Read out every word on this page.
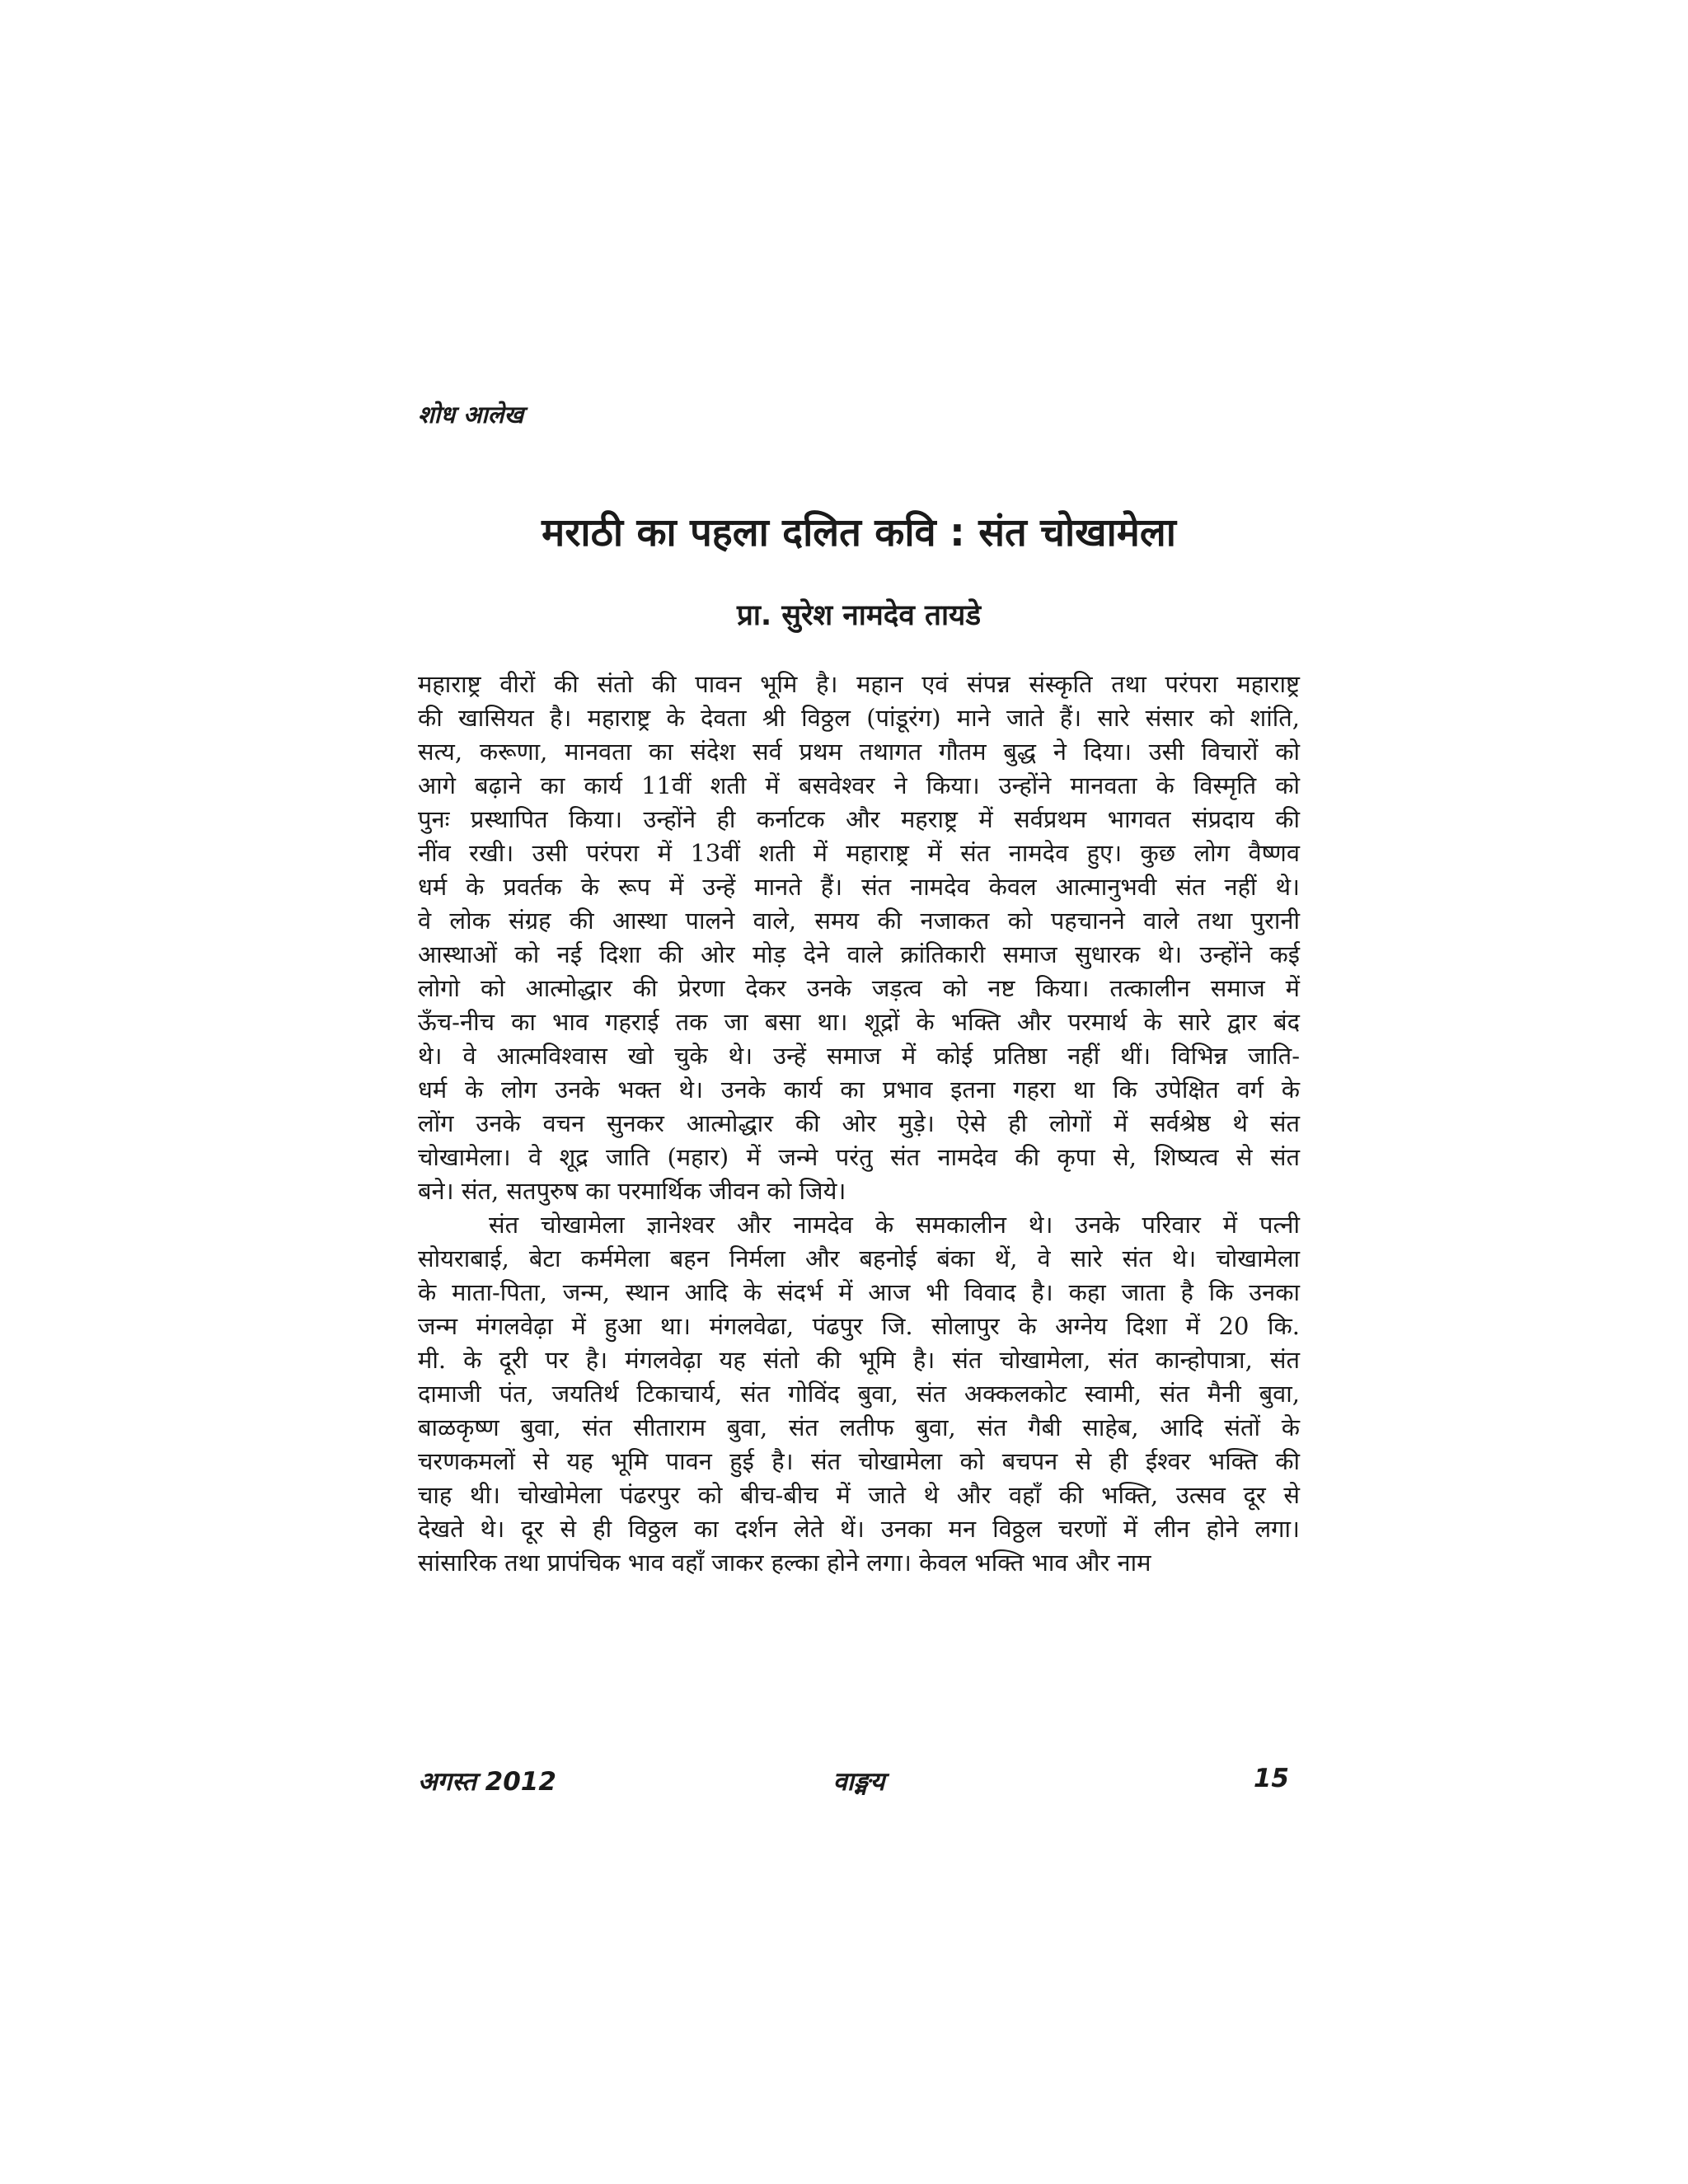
शोध आलेख
मराठी का पहला दलित कवि : संत चोखामेला
प्रा. सुरेश नामदेव तायडे

महाराष्ट्र वीरों की संतो की पावन भूमि है। महान एवं संपन्न संस्कृति तथा परंपरा महाराष्ट्र
की खासियत है। महाराष्ट्र के देवता श्री विठ्ठल (पांडूरंग) माने जाते हैं। सारे संसार को शांति,
सत्य, करूणा, मानवता का संदेश सर्व प्रथम तथागत गौतम बुद्ध ने दिया। उसी विचारों को
आगे बढ़ाने का कार्य 11वीं शती में बसवेश्वर ने किया। उन्होंने मानवता के विस्मृति को
पुनः प्रस्थापित किया। उन्होंने ही कर्नाटक और महराष्ट्र में सर्वप्रथम भागवत संप्रदाय की
नींव रखी। उसी परंपरा में 13वीं शती में महाराष्ट्र में संत नामदेव हुए। कुछ लोग वैष्णव
धर्म के प्रवर्तक के रूप में उन्हें मानते हैं। संत नामदेव केवल आत्मानुभवी संत नहीं थे।
वे लोक संग्रह की आस्था पालने वाले, समय की नजाकत को पहचानने वाले तथा पुरानी
आस्थाओं को नई दिशा की ओर मोड़ देने वाले क्रांतिकारी समाज सुधारक थे। उन्होंने कई
लोगो को आत्मोद्धार की प्रेरणा देकर उनके जड़त्व को नष्ट किया। तत्कालीन समाज में
ऊँच-नीच का भाव गहराई तक जा बसा था। शूद्रों के भक्ति और परमार्थ के सारे द्वार बंद
थे। वे आत्मविश्वास खो चुके थे। उन्हें समाज में कोई प्रतिष्ठा नहीं थीं। विभिन्न जाति-
धर्म के लोग उनके भक्त थे। उनके कार्य का प्रभाव इतना गहरा था कि उपेक्षित वर्ग के
लोंग उनके वचन सुनकर आत्मोद्धार की ओर मुड़े। ऐसे ही लोगों में सर्वश्रेष्ठ थे संत
चोखामेला। वे शूद्र जाति (महार) में जन्मे परंतु संत नामदेव की कृपा से, शिष्यत्व से संत
बने। संत, सतपुरुष का परमार्थिक जीवन को जिये।

संत चोखामेला ज्ञानेश्वर और नामदेव के समकालीन थे। उनके परिवार में पत्नी
सोयराबाई, बेटा कर्ममेला बहन निर्मला और बहनोई बंका थें, वे सारे संत थे। चोखामेला
के माता-पिता, जन्म, स्थान आदि के संदर्भ में आज भी विवाद है। कहा जाता है कि उनका
जन्म मंगलवेढ़ा में हुआ था। मंगलवेढा, पंढपुर जि. सोलापुर के अग्नेय दिशा में 20 कि.
मी. के दूरी पर है। मंगलवेढ़ा यह संतो की भूमि है। संत चोखामेला, संत कान्होपात्रा, संत
दामाजी पंत, जयतिर्थ टिकाचार्य, संत गोविंद बुवा, संत अक्कलकोट स्वामी, संत मैनी बुवा,
बाळकृष्ण बुवा, संत सीताराम बुवा, संत लतीफ बुवा, संत गैबी साहेब, आदि संतों के
चरणकमलों से यह भूमि पावन हुई है। संत चोखामेला को बचपन से ही ईश्वर भक्ति की
चाह थी। चोखोमेला पंढरपुर को बीच-बीच में जाते थे और वहाँ की भक्ति, उत्सव दूर से
देखते थे। दूर से ही विठ्ठल का दर्शन लेते थें। उनका मन विठ्ठल चरणों में लीन होने लगा।
सांसारिक तथा प्रापंचिक भाव वहाँ जाकर हल्का होने लगा। केवल भक्ति भाव और नाम

अगस्त 2012	वाङ्मय	15
